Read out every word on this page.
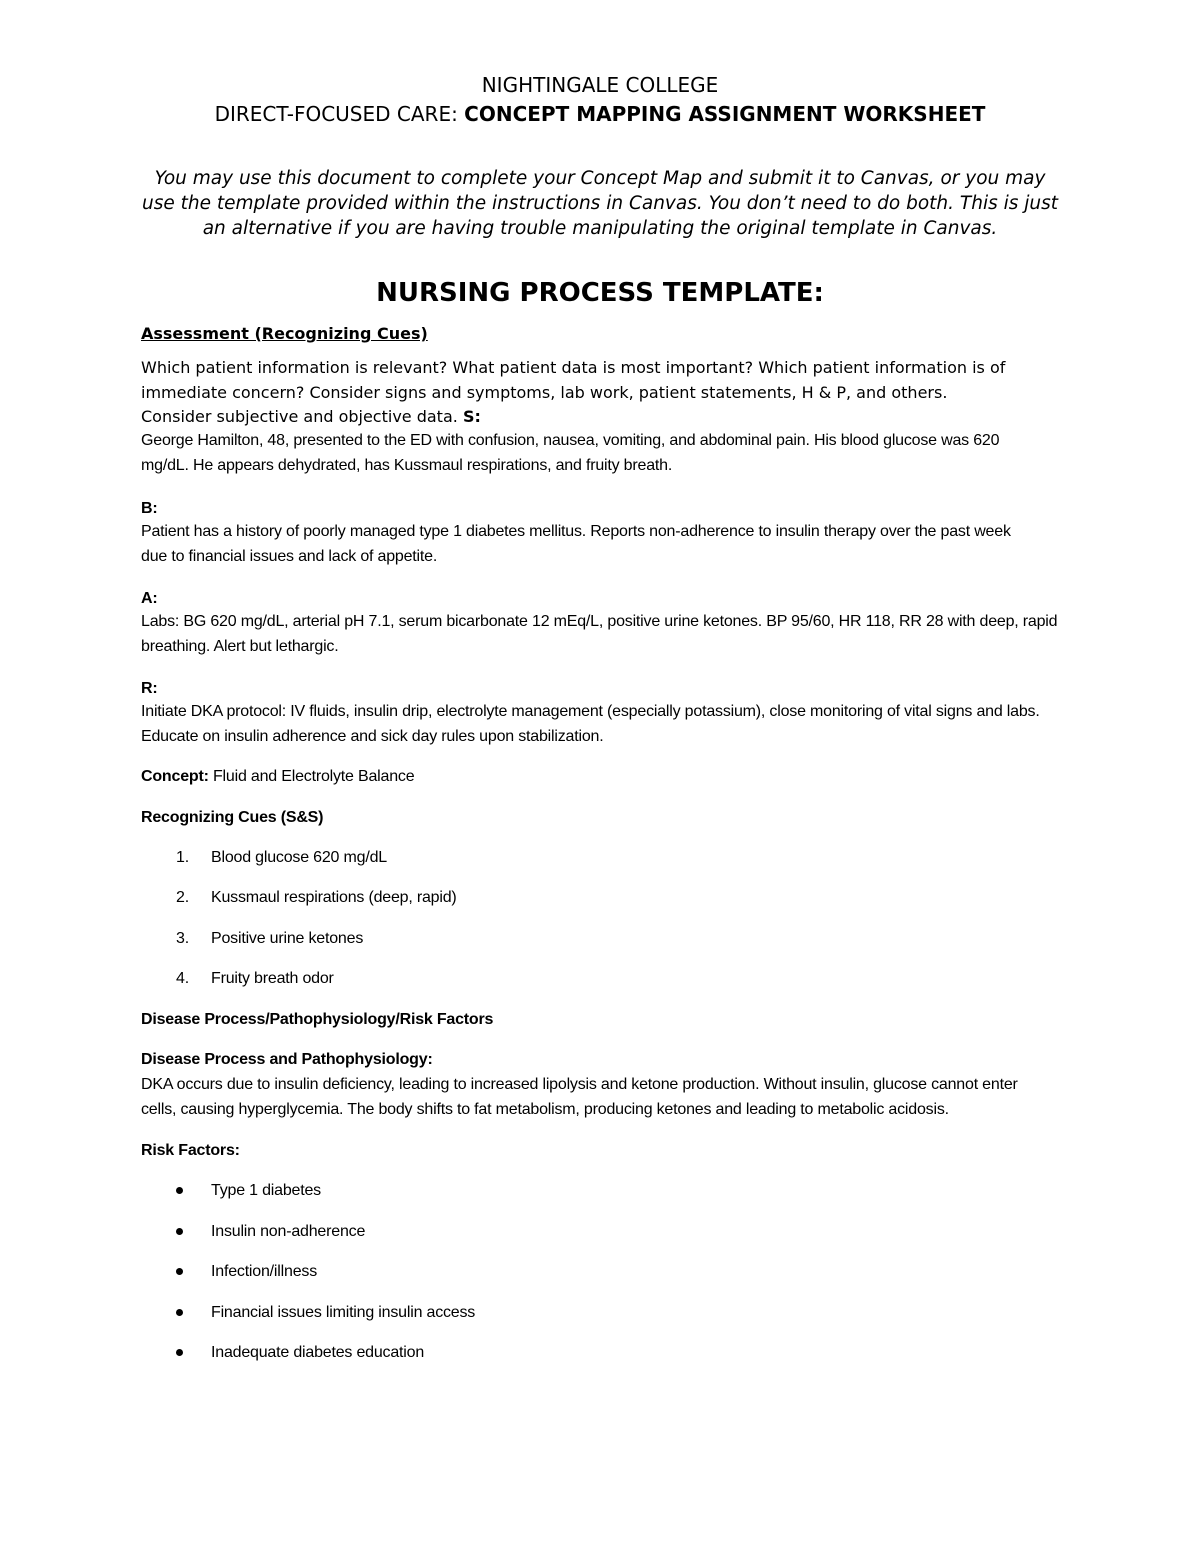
NIGHTINGALE COLLEGE
DIRECT-FOCUSED CARE: CONCEPT MAPPING ASSIGNMENT WORKSHEET
You may use this document to complete your Concept Map and submit it to Canvas, or you may use the template provided within the instructions in Canvas. You don’t need to do both. This is just an alternative if you are having trouble manipulating the original template in Canvas.
NURSING PROCESS TEMPLATE:
Assessment (Recognizing Cues)
Which patient information is relevant? What patient data is most important? Which patient information is of immediate concern? Consider signs and symptoms, lab work, patient statements, H & P, and others. Consider subjective and objective data. S:
George Hamilton, 48, presented to the ED with confusion, nausea, vomiting, and abdominal pain. His blood glucose was 620 mg/dL. He appears dehydrated, has Kussmaul respirations, and fruity breath.
B:
Patient has a history of poorly managed type 1 diabetes mellitus. Reports non-adherence to insulin therapy over the past week due to financial issues and lack of appetite.
A:
Labs: BG 620 mg/dL, arterial pH 7.1, serum bicarbonate 12 mEq/L, positive urine ketones. BP 95/60, HR 118, RR 28 with deep, rapid breathing. Alert but lethargic.
R:
Initiate DKA protocol: IV fluids, insulin drip, electrolyte management (especially potassium), close monitoring of vital signs and labs. Educate on insulin adherence and sick day rules upon stabilization.
Concept: Fluid and Electrolyte Balance
Recognizing Cues (S&S)
1.	Blood glucose 620 mg/dL
2.	Kussmaul respirations (deep, rapid)
3.	Positive urine ketones
4.	Fruity breath odor
Disease Process/Pathophysiology/Risk Factors
Disease Process and Pathophysiology:
DKA occurs due to insulin deficiency, leading to increased lipolysis and ketone production. Without insulin, glucose cannot enter cells, causing hyperglycemia. The body shifts to fat metabolism, producing ketones and leading to metabolic acidosis.
Risk Factors:
Type 1 diabetes
Insulin non-adherence
Infection/illness
Financial issues limiting insulin access
Inadequate diabetes education
